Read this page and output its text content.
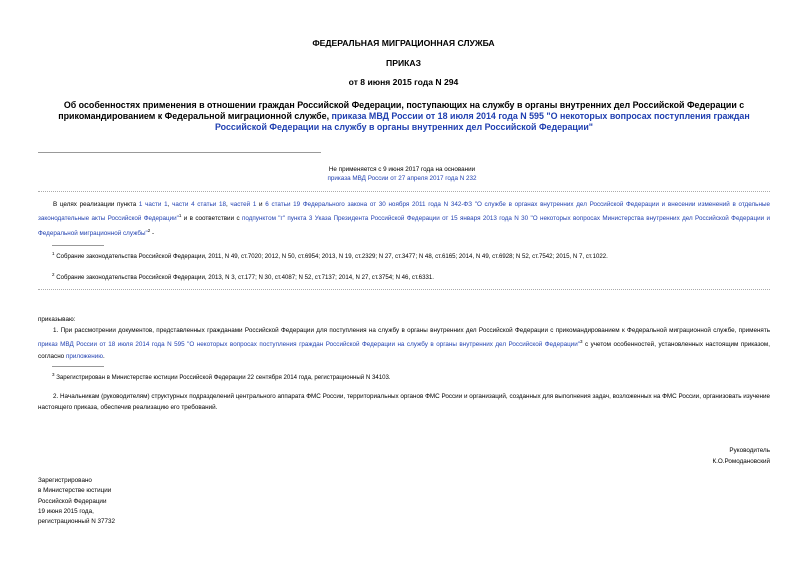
ФЕДЕРАЛЬНАЯ МИГРАЦИОННАЯ СЛУЖБА
ПРИКАЗ
от 8 июня 2015 года N 294
Об особенностях применения в отношении граждан Российской Федерации, поступающих на службу в органы внутренних дел Российской Федерации с прикомандированием к Федеральной миграционной службе, приказа МВД России от 18 июля 2014 года N 595 "О некоторых вопросах поступления граждан Российской Федерации на службу в органы внутренних дел Российской Федерации"
Не применяется с 9 июня 2017 года на основании
приказа МВД России от 27 апреля 2017 года N 232
В целях реализации пункта 1 части 1, части 4 статьи 18, частей 1 и 6 статьи 19 Федерального закона от 30 ноября 2011 года N 342-ФЗ "О службе в органах внутренних дел Российской Федерации и внесении изменений в отдельные законодательные акты Российской Федерации"$^1$ и в соответствии с подпунктом "г" пункта 3 Указа Президента Российской Федерации от 15 января 2013 года N 30 "О некоторых вопросах Министерства внутренних дел Российской Федерации и Федеральной миграционной службы"$^2$ -
$^1$ Собрание законодательства Российской Федерации, 2011, N 49, ст.7020; 2012, N 50, ст.6954; 2013, N 19, ст.2329; N 27, ст.3477; N 48, ст.6165; 2014, N 49, ст.6928; N 52, ст.7542; 2015, N 7, ст.1022.
$^2$ Собрание законодательства Российской Федерации, 2013, N 3, ст.177; N 30, ст.4087; N 52, ст.7137; 2014, N 27, ст.3754; N 46, ст.6331.
приказываю:
1. При рассмотрении документов, представленных гражданами Российской Федерации для поступления на службу в органы внутренних дел Российской Федерации с прикомандированием к Федеральной миграционной службе, применять приказ МВД России от 18 июля 2014 года N 595 "О некоторых вопросах поступления граждан Российской Федерации на службу в органы внутренних дел Российской Федерации"$^3$ с учетом особенностей, установленных настоящим приказом, согласно приложению.
$^3$ Зарегистрирован в Министерстве юстиции Российской Федерации 22 сентября 2014 года, регистрационный N 34103.
2. Начальникам (руководителям) структурных подразделений центрального аппарата ФМС России, территориальных органов ФМС России и организаций, созданных для выполнения задач, возложенных на ФМС России, организовать изучение настоящего приказа, обеспечив реализацию его требований.
Руководитель
К.О.Ромодановский
Зарегистрировано
в Министерстве юстиции
Российской Федерации
19 июня 2015 года,
регистрационный N 37732
